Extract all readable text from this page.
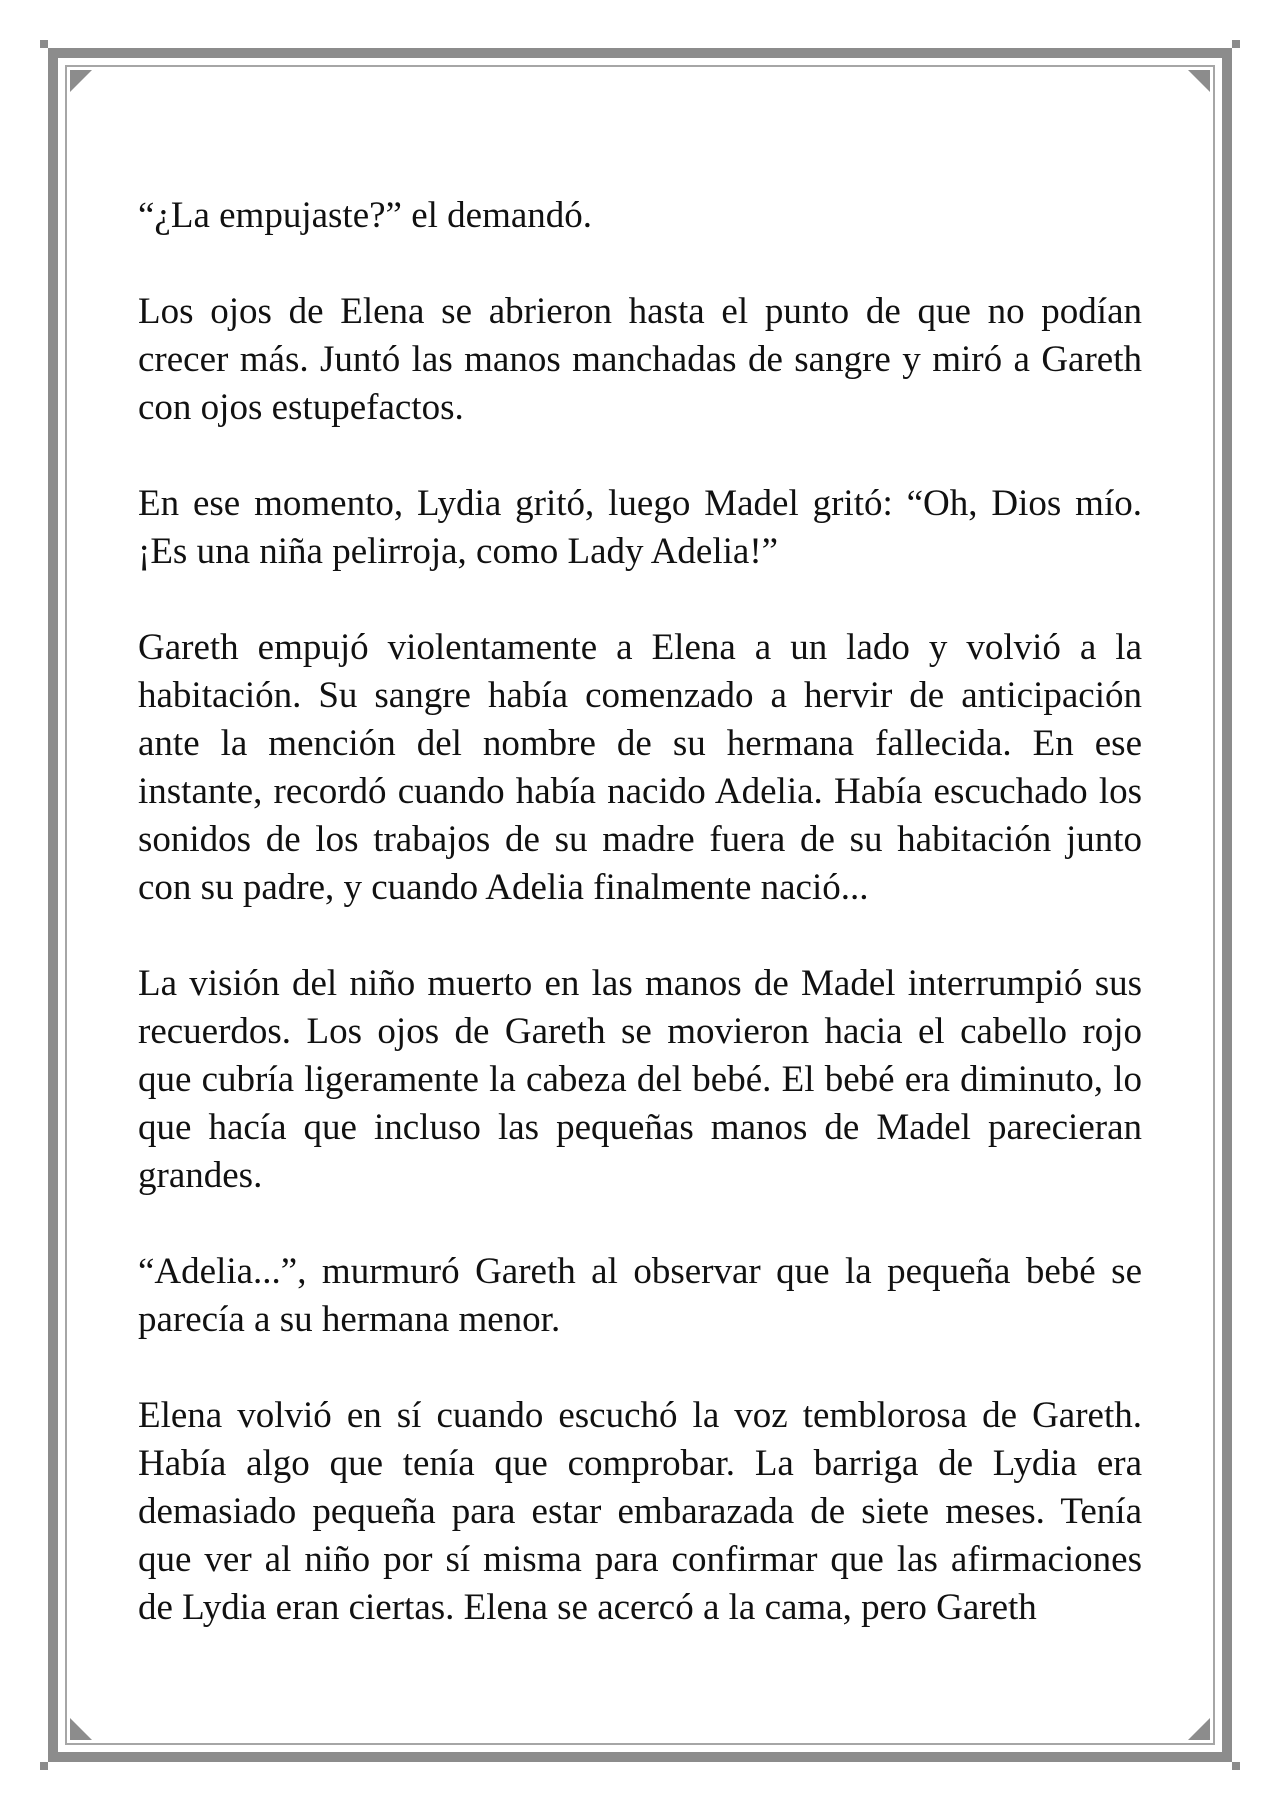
“¿La empujaste?” el demandó.

Los ojos de Elena se abrieron hasta el punto de que no podían crecer más. Juntó las manos manchadas de sangre y miró a Gareth con ojos estupefactos.

En ese momento, Lydia gritó, luego Madel gritó: “Oh, Dios mío. ¡Es una niña pelirroja, como Lady Adelia!”

Gareth empujó violentamente a Elena a un lado y volvió a la habitación. Su sangre había comenzado a hervir de anticipación ante la mención del nombre de su hermana fallecida. En ese instante, recordó cuando había nacido Adelia. Había escuchado los sonidos de los trabajos de su madre fuera de su habitación junto con su padre, y cuando Adelia finalmente nació...

La visión del niño muerto en las manos de Madel interrumpió sus recuerdos. Los ojos de Gareth se movieron hacia el cabello rojo que cubría ligeramente la cabeza del bebé. El bebé era diminuto, lo que hacía que incluso las pequeñas manos de Madel parecieran grandes.

“Adelia...”, murmuró Gareth al observar que la pequeña bebé se parecía a su hermana menor.

Elena volvió en sí cuando escuchó la voz temblorosa de Gareth. Había algo que tenía que comprobar. La barriga de Lydia era demasiado pequeña para estar embarazada de siete meses. Tenía que ver al niño por sí misma para confirmar que las afirmaciones de Lydia eran ciertas. Elena se acercó a la cama, pero Gareth
